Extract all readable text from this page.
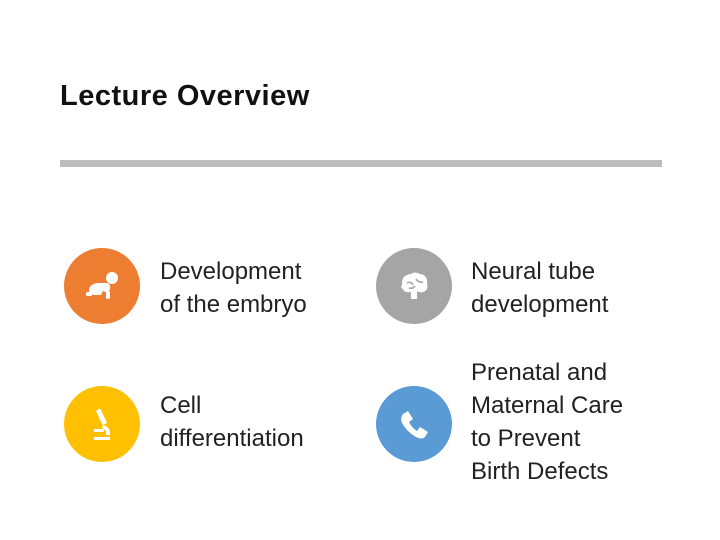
Lecture Overview
Development
of the embryo
Neural tube
development
Cell
differentiation
Prenatal and
Maternal Care
to Prevent
Birth Defects
